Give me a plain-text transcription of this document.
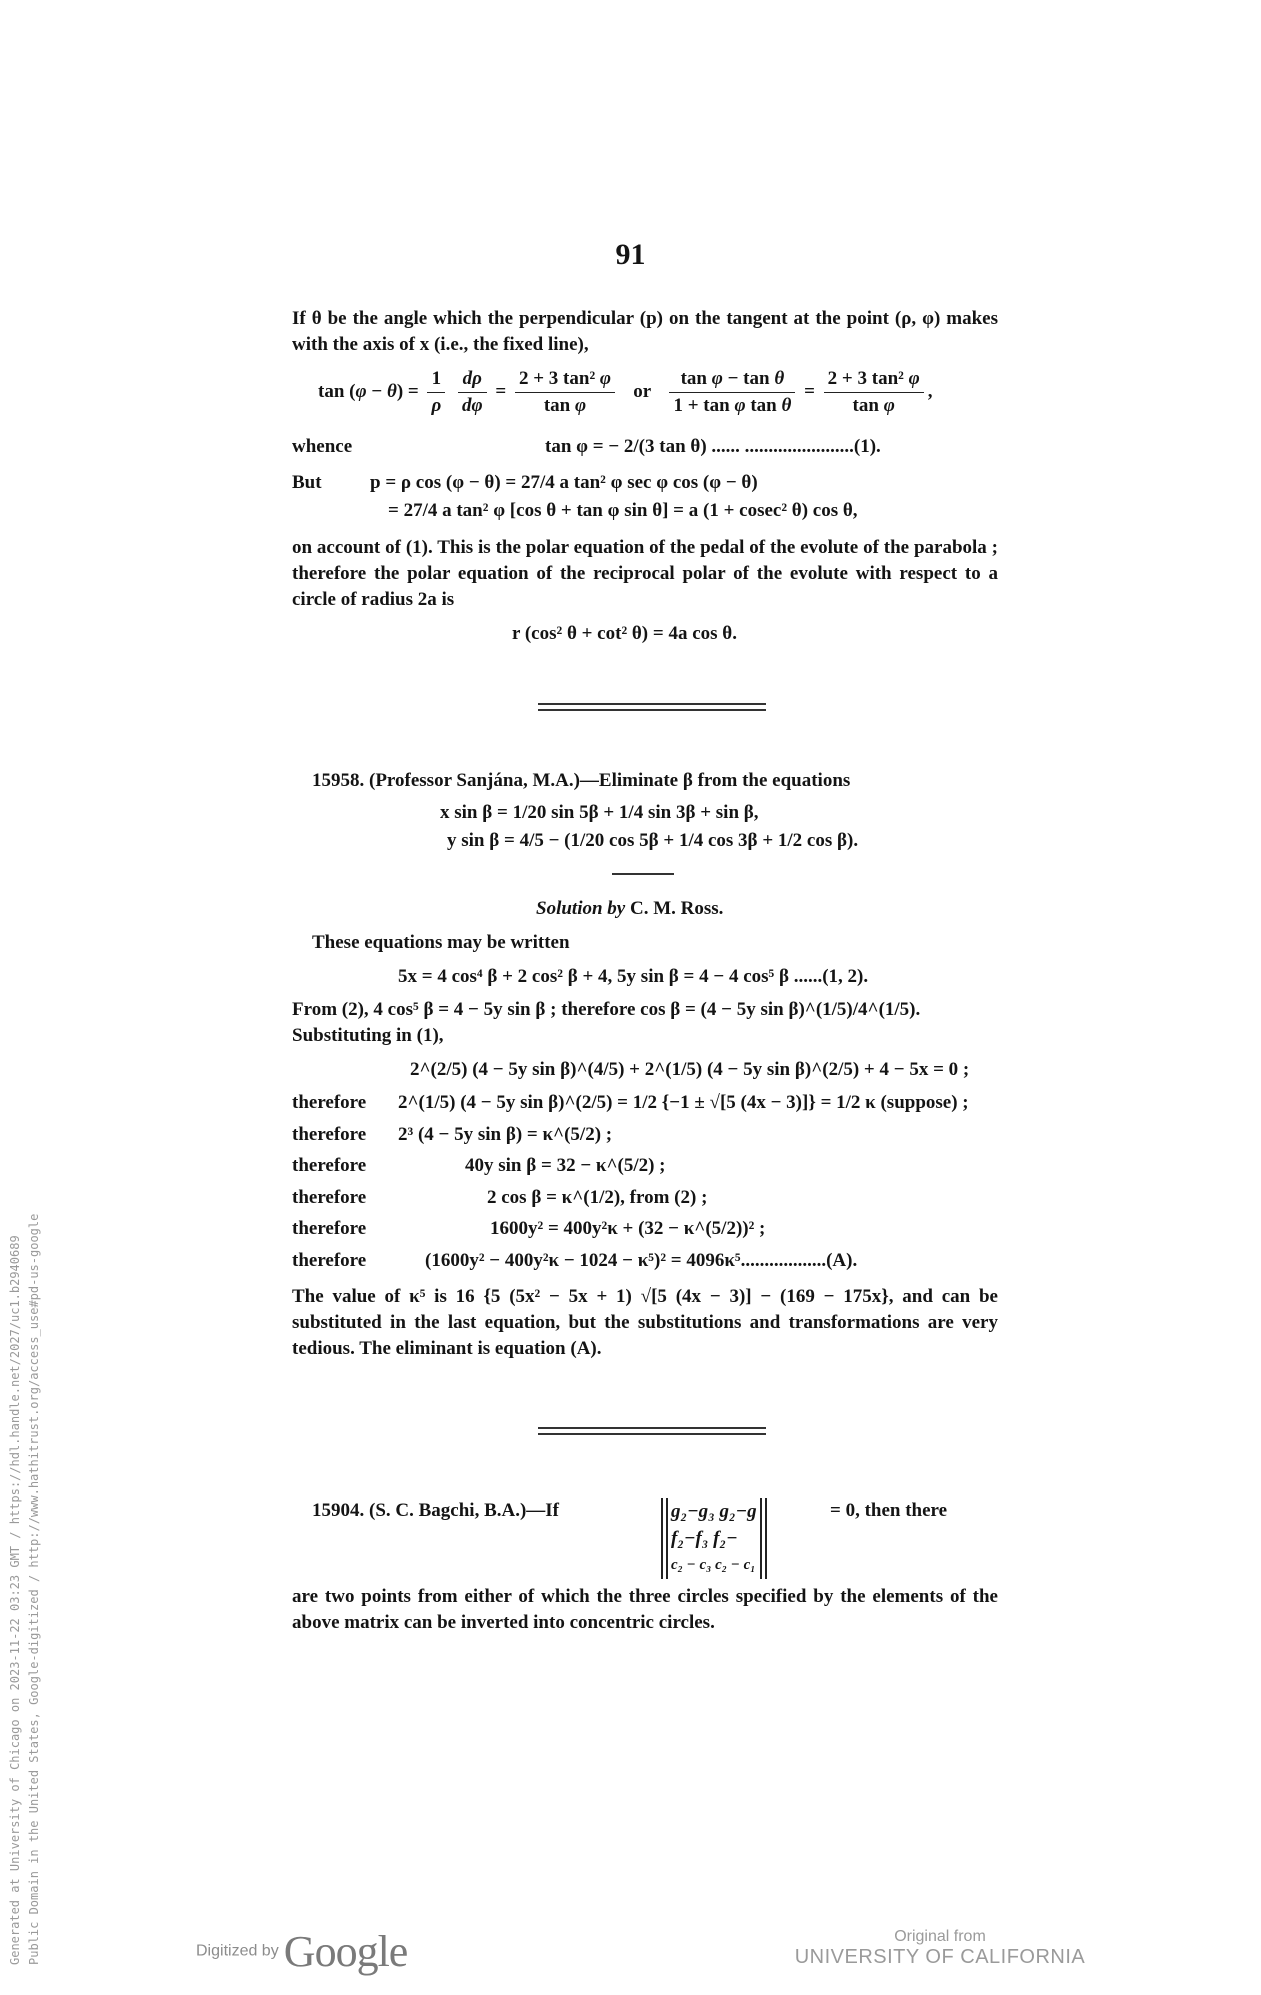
91
If θ be the angle which the perpendicular (p) on the tangent at the point (ρ, φ) makes with the axis of x (i.e., the fixed line),
$\tan (\varphi - \theta) = \frac{1}{\rho}$
$\frac{d\rho}{d\varphi} = \frac{\text{2 + 3 tan² φ}}{\text{tan φ}}$ or $\frac{\text{tan φ − tan θ}}{\text{1 + tan φ tan θ}} = \frac{\text{2 + 3 tan² φ}}{\text{tan φ}}$ ,
whence	tan φ = − 2/(3 tan θ) ...... .......................(1).
But	p = ρ cos (φ − θ) = 27/4 a tan² φ sec φ cos (φ − θ)
= 27/4 a tan² φ [cos θ + tan φ sin θ] = a (1 + cosec² θ) cos θ,
on account of (1). This is the polar equation of the pedal of the evolute of the parabola ; therefore the polar equation of the reciprocal polar of the evolute with respect to a circle of radius 2a is
r (cos² θ + cot² θ) = 4a cos θ.
15958. (Professor Sanjána, M.A.)—Eliminate β from the equations
x sin β = 1/20 sin 5β + 1/4 sin 3β + sin β,
y sin β = 4/5 − (1/20 cos 5β + 1/4 cos 3β + 1/2 cos β).
Solution by C. M. Ross.
These equations may be written
5x = 4 cos⁴ β + 2 cos² β + 4, 5y sin β = 4 − 4 cos⁵ β ......(1, 2).
From (2), 4 cos⁵ β = 4 − 5y sin β ; therefore cos β = (4 − 5y sin β)^(1/5)/4^(1/5).
Substituting in (1),
2^(2/5) (4 − 5y sin β)^(4/5) + 2^(1/5) (4 − 5y sin β)^(2/5) + 4 − 5x = 0 ;
therefore 2^(1/5) (4 − 5y sin β)^(2/5) = 1/2 {−1 ± √[5 (4x − 3)]} = 1/2 κ (suppose) ;
therefore 2³ (4 − 5y sin β) = κ^(5/2) ;
therefore	40y sin β = 32 − κ^(5/2) ;
therefore	2 cos β = κ^(1/2), from (2) ;
therefore	1600y² = 400y²κ + (32 − κ^(5/2))² ;
therefore	(1600y² − 400y²κ − 1024 − κ⁵)² = 4096κ⁵..................(A).
The value of κ⁵ is 16 {5 (5x² − 5x + 1) √[5 (4x − 3)] − (169 − 175x}, and can be substituted in the last equation, but the substitutions and transformations are very tedious. The eliminant is equation (A).
15904. (S. C. Bagchi, B.A.)—If	g₂−g₃ g₂−g
f₂−f₃ f₂−
c₂ − c₃ c₂ − c₁
= 0, then there
are two points from either of which the three circles specified by the elements of the above matrix can be inverted into concentric circles.
Generated at University of Chicago on 2023-11-22 03:23 GMT / https://hdl.handle.net/2027/uc1.b2940689 Public Domain in the United States, Google-digitized / http://www.hathitrust.org/access_use#pd-us-google	Digitized by Google	Original from
UNIVERSITY OF CALIFORNIA
